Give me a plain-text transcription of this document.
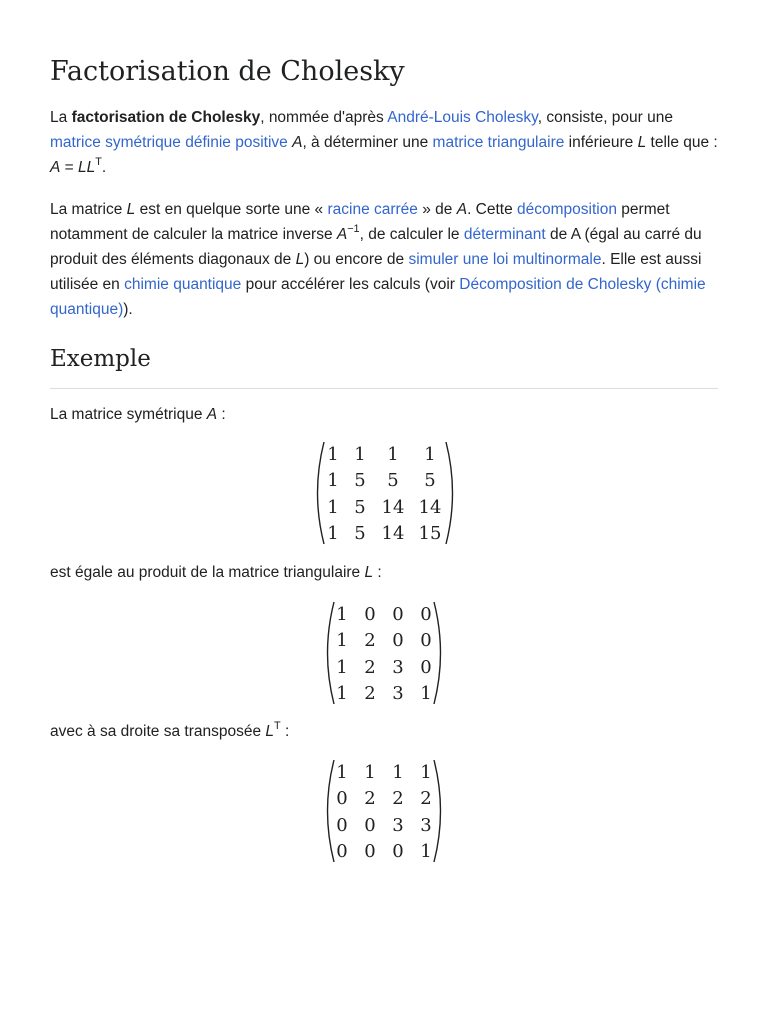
Factorisation de Cholesky

La factorisation de Cholesky, nommée d'après André-Louis Cholesky, consiste, pour une matrice symétrique définie positive A, à déterminer une matrice triangulaire inférieure L telle que : $A = LL^T$.

La matrice L est en quelque sorte une « racine carrée » de A. Cette décomposition permet notamment de calculer la matrice inverse $A^{-1}$, de calculer le déterminant de A (égal au carré du produit des éléments diagonaux de L) ou encore de simuler une loi multinormale. Elle est aussi utilisée en chimie quantique pour accélérer les calculs (voir Décomposition de Cholesky (chimie quantique)).

Exemple

La matrice symétrique A :

1 1 1 1
1 5 5 5
1 5 14 14
1 5 14 15

est égale au produit de la matrice triangulaire L :

1 0 0 0
1 2 0 0
1 2 3 0
1 2 3 1

avec à sa droite sa transposée $L^T$ :

1 1 1 1
0 2 2 2
0 0 3 3
0 0 0 1
